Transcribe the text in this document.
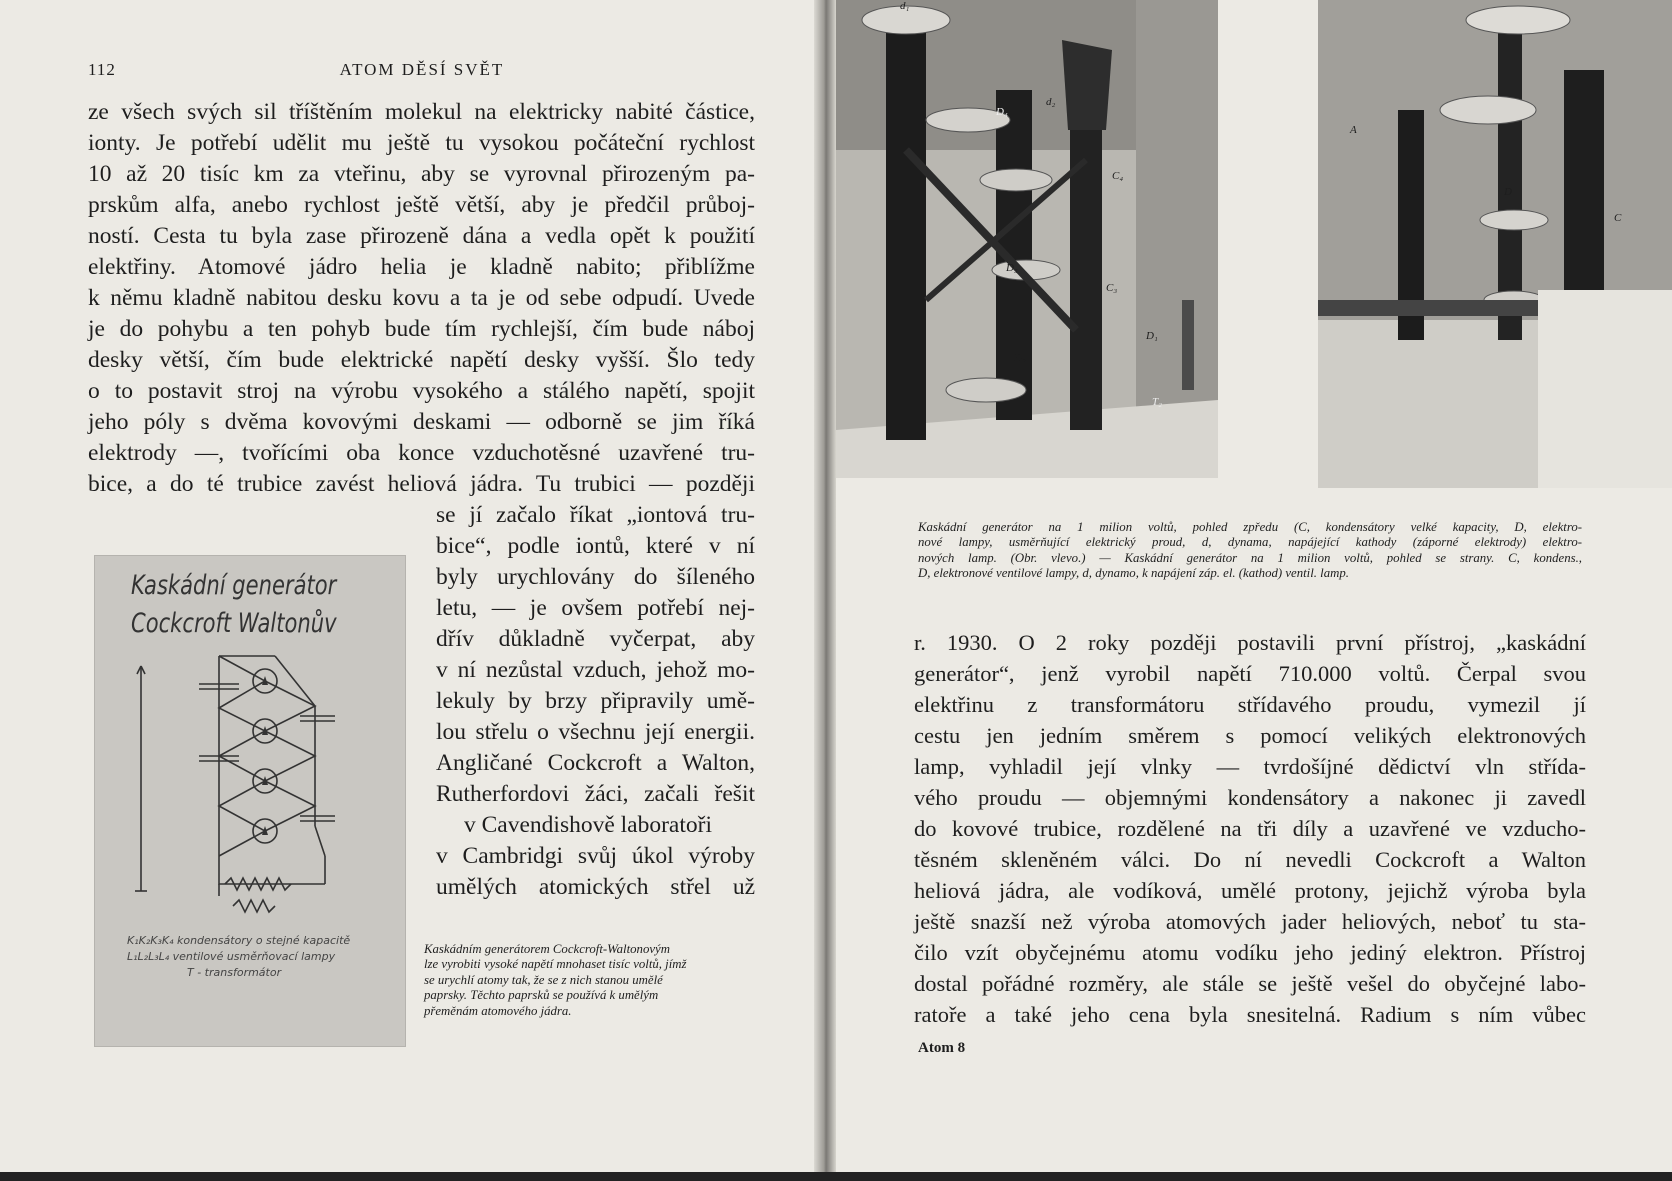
112	ATOM DĚSÍ SVĚT
ze všech svých sil tříštěním molekul na elektricky nabité částice,
ionty. Je potřebí udělit mu ještě tu vysokou počáteční rychlost
10 až 20 tisíc km za vteřinu, aby se vyrovnal přirozeným pa-
prskům alfa, anebo rychlost ještě větší, aby je předčil průboj-
ností. Cesta tu byla zase přirozeně dána a vedla opět k použití
elektřiny. Atomové jádro helia je kladně nabito; přiblížme
k němu kladně nabitou desku kovu a ta je od sebe odpudí. Uvede
je do pohybu a ten pohyb bude tím rychlejší, čím bude náboj
desky větší, čím bude elektrické napětí desky vyšší. Šlo tedy
o to postavit stroj na výrobu vysokého a stálého napětí, spojit
jeho póly s dvěma kovovými deskami — odborně se jim říká
elektrody —, tvořícími oba konce vzduchotěsné uzavřené tru-
bice, a do té trubice zavést heliová jádra. Tu trubici — později
se jí začalo říkat „iontová tru-
bice“, podle iontů, které v ní
byly urychlovány do šíleného
letu, — je ovšem potřebí nej-
dřív důkladně vyčerpat, aby
v ní nezůstal vzduch, jehož mo-
lekuly by brzy připravily umě-
lou střelu o všechnu její energii.
Angličané Cockcroft a Walton,
Rutherfordovi žáci, začali řešit
v Cavendishově laboratoři
v Cambridgi svůj úkol výroby
umělých atomických střel už
Kaskádní generátor
Cockcroft Waltonův
K₁K₂K₃K₄ kondensátory o stejné kapacitě
L₁L₂L₃L₄ ventilové usměrňovací lampy
T - transformátor
Kaskádním generátorem Cockcroft-Waltonovým
lze vyrobiti vysoké napětí mnohaset tisíc voltů, jímž
se urychlí atomy tak, že se z nich stanou umělé
paprsky. Těchto paprsků se používá k umělým
přeměnám atomového jádra.
d₁
D₄
d₂
C₄
D₃
C₃
D₂
D₁
T₂
A
D
C
Kaskádní generátor na 1 milion voltů, pohled zpředu (C, kondensátory velké kapacity, D, elektro-
nové lampy, usměrňující elektrický proud, d, dynama, napájející kathody (záporné elektrody) elektro-
nových lamp. (Obr. vlevo.) — Kaskádní generátor na 1 milion voltů, pohled se strany. C, kondens.,
D, elektronové ventilové lampy, d, dynamo, k napájení záp. el. (kathod) ventil. lamp.
r. 1930. O 2 roky později postavili první přístroj, „kaskádní
generátor“, jenž vyrobil napětí 710.000 voltů. Čerpal svou
elektřinu z transformátoru střídavého proudu, vymezil jí
cestu jen jedním směrem s pomocí velikých elektronových
lamp, vyhladil její vlnky — tvrdošíjné dědictví vln střída-
vého proudu — objemnými kondensátory a nakonec ji zavedl
do kovové trubice, rozdělené na tři díly a uzavřené ve vzducho-
těsném skleněném válci. Do ní nevedli Cockcroft a Walton
heliová jádra, ale vodíková, umělé protony, jejichž výroba byla
ještě snazší než výroba atomových jader heliových, neboť tu sta-
čilo vzít obyčejnému atomu vodíku jeho jediný elektron. Přístroj
dostal pořádné rozměry, ale stále se ještě vešel do obyčejné labo-
ratoře a také jeho cena byla snesitelná. Radium s ním vůbec
Atom 8
